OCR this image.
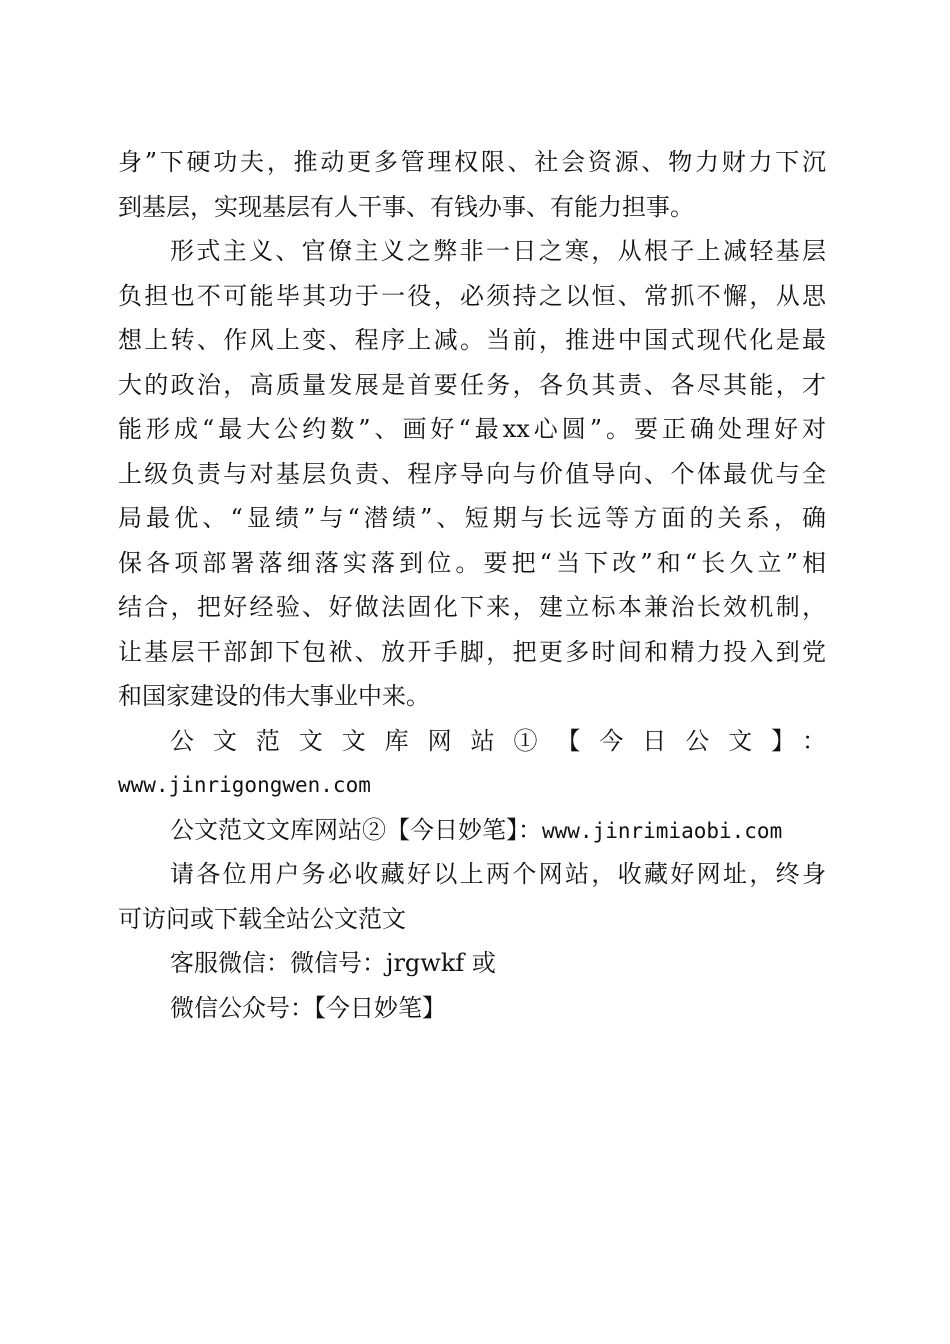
身”下硬功夫，推动更多管理权限、社会资源、物力财力下沉
到基层，实现基层有人干事、有钱办事、有能力担事。
形式主义、官僚主义之弊非一日之寒，从根子上减轻基层
负担也不可能毕其功于一役，必须持之以恒、常抓不懈，从思
想上转、作风上变、程序上减。当前，推进中国式现代化是最
大的政治，高质量发展是首要任务，各负其责、各尽其能，才
能形成“最大公约数”、画好“最xx心圆”。要正确处理好对
上级负责与对基层负责、程序导向与价值导向、个体最优与全
局最优、“显绩”与“潜绩”、短期与长远等方面的关系，确
保各项部署落细落实落到位。要把“当下改”和“长久立”相
结合，把好经验、好做法固化下来，建立标本兼治长效机制，
让基层干部卸下包袱、放开手脚，把更多时间和精力投入到党
和国家建设的伟大事业中来。
公文范文文库网站①【今日公文】：
www.jinrigongwen.com
公文范文文库网站②【今日妙笔】：www.jinrimiaobi.com
请各位用户务必收藏好以上两个网站，收藏好网址，终身
可访问或下载全站公文范文
客服微信：微信号：jrgwkf 或
微信公众号：【今日妙笔】
